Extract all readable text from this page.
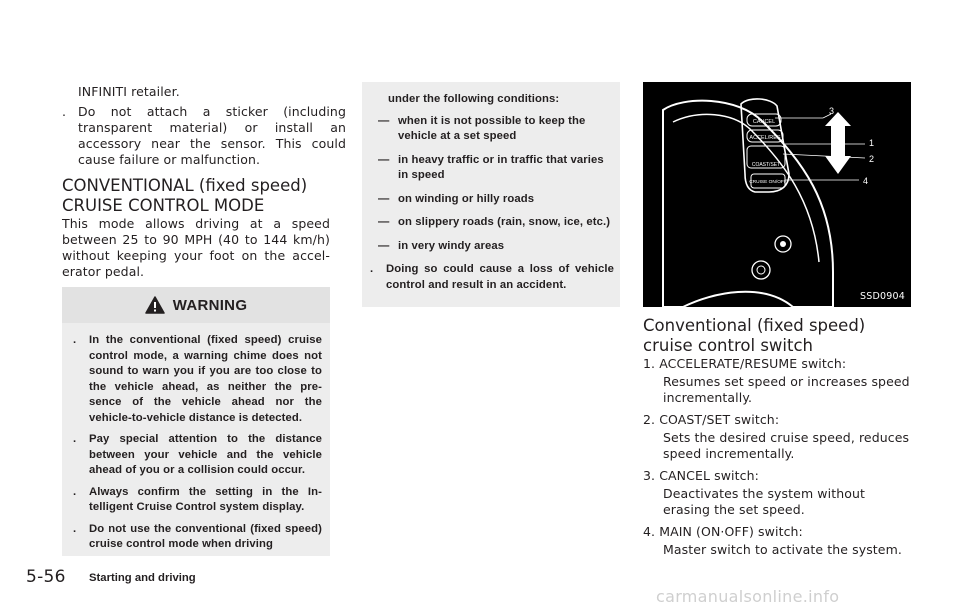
INFINITI retailer.

. Do not attach a sticker (including transparent material) or install an accessory near the sensor. This could cause failure or malfunction.

CONVENTIONAL (fixed speed) CRUISE CONTROL MODE

This mode allows driving at a speed between 25 to 90 MPH (40 to 144 km/h) without keeping your foot on the accel- erator pedal.

WARNING

. In the conventional (fixed speed) cruise control mode, a warning chime does not sound to warn you if you are too close to the vehicle ahead, as neither the pre- sence of the vehicle ahead nor the vehicle-to-vehicle distance is detected.

. Pay special attention to the distance between your vehicle and the vehicle ahead of you or a collision could occur.

. Always confirm the setting in the In- telligent Cruise Control system display.

. Do not use the conventional (fixed speed) cruise control mode when driving

under the following conditions:

— when it is not possible to keep the vehicle at a set speed

— in heavy traffic or in traffic that varies in speed

— on winding or hilly roads

— on slippery roads (rain, snow, ice, etc.)

— in very windy areas

. Doing so could cause a loss of vehicle control and result in an accident.

CANCEL
ACCEL/RES
COAST/SET
CRUISE ON/OFF
3
1
2
4
SSD0904
Conventional (fixed speed) cruise control switch
1. ACCELERATE/RESUME switch:
Resumes set speed or increases speed incrementally.
2. COAST/SET switch:
Sets the desired cruise speed, reduces speed incrementally.
3. CANCEL switch:
Deactivates the system without erasing the set speed.
4. MAIN (ON·OFF) switch:
Master switch to activate the system.
5-56 Starting and driving
carmanualsonline.info
